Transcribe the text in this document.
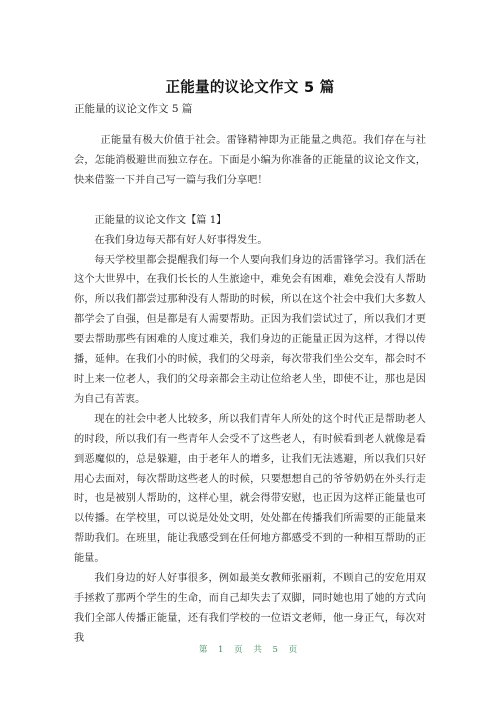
正能量的议论文作文 5 篇
正能量的议论文作文 5 篇

正能量有极大价值于社会。雷锋精神即为正能量之典范。我们存在与社会，怎能消极避世而独立存在。下面是小编为你准备的正能量的议论文作文，快来借鉴一下并自己写一篇与我们分享吧！

正能量的议论文作文【篇 1】

在我们身边每天都有好人好事得发生。

每天学校里都会提醒我们每一个人要向我们身边的活雷锋学习。我们活在这个大世界中，在我们长长的人生旅途中，难免会有困难，难免会没有人帮助你，所以我们都尝过那种没有人帮助的时候，所以在这个社会中我们大多数人都学会了自强，但是都是有人需要帮助。正因为我们尝试过了，所以我们才更要去帮助那些有困难的人度过难关，我们身边的正能量正因为这样，才得以传播，延伸。在我们小的时候，我们的父母亲，每次带我们坐公交车，都会时不时上来一位老人，我们的父母亲都会主动让位给老人坐，即使不让，那也是因为自己有苦衷。

现在的社会中老人比较多，所以我们青年人所处的这个时代正是帮助老人的时段，所以我们有一些青年人会受不了这些老人，有时候看到老人就像是看到恶魔似的，总是躲避，由于老年人的增多，让我们无法逃避，所以我们只好用心去面对，每次帮助这些老人的时候，只要想想自己的爷爷奶奶在外头行走时，也是被别人帮助的，这样心里，就会得带安慰，也正因为这样正能量也可以传播。在学校里，可以说是处处文明，处处都在传播我们所需要的正能量来帮助我们。在班里，能让我感受到在任何地方都感受不到的一种相互帮助的正能量。

我们身边的好人好事很多，例如最美女教师张丽莉，不顾自己的安危用双手拯救了那两个学生的生命，而自己却失去了双脚，同时她也用了她的方式向我们全部人传播正能量，还有我们学校的一位语文老师，他一身正气，每次对我

第 1 页 共 5 页
